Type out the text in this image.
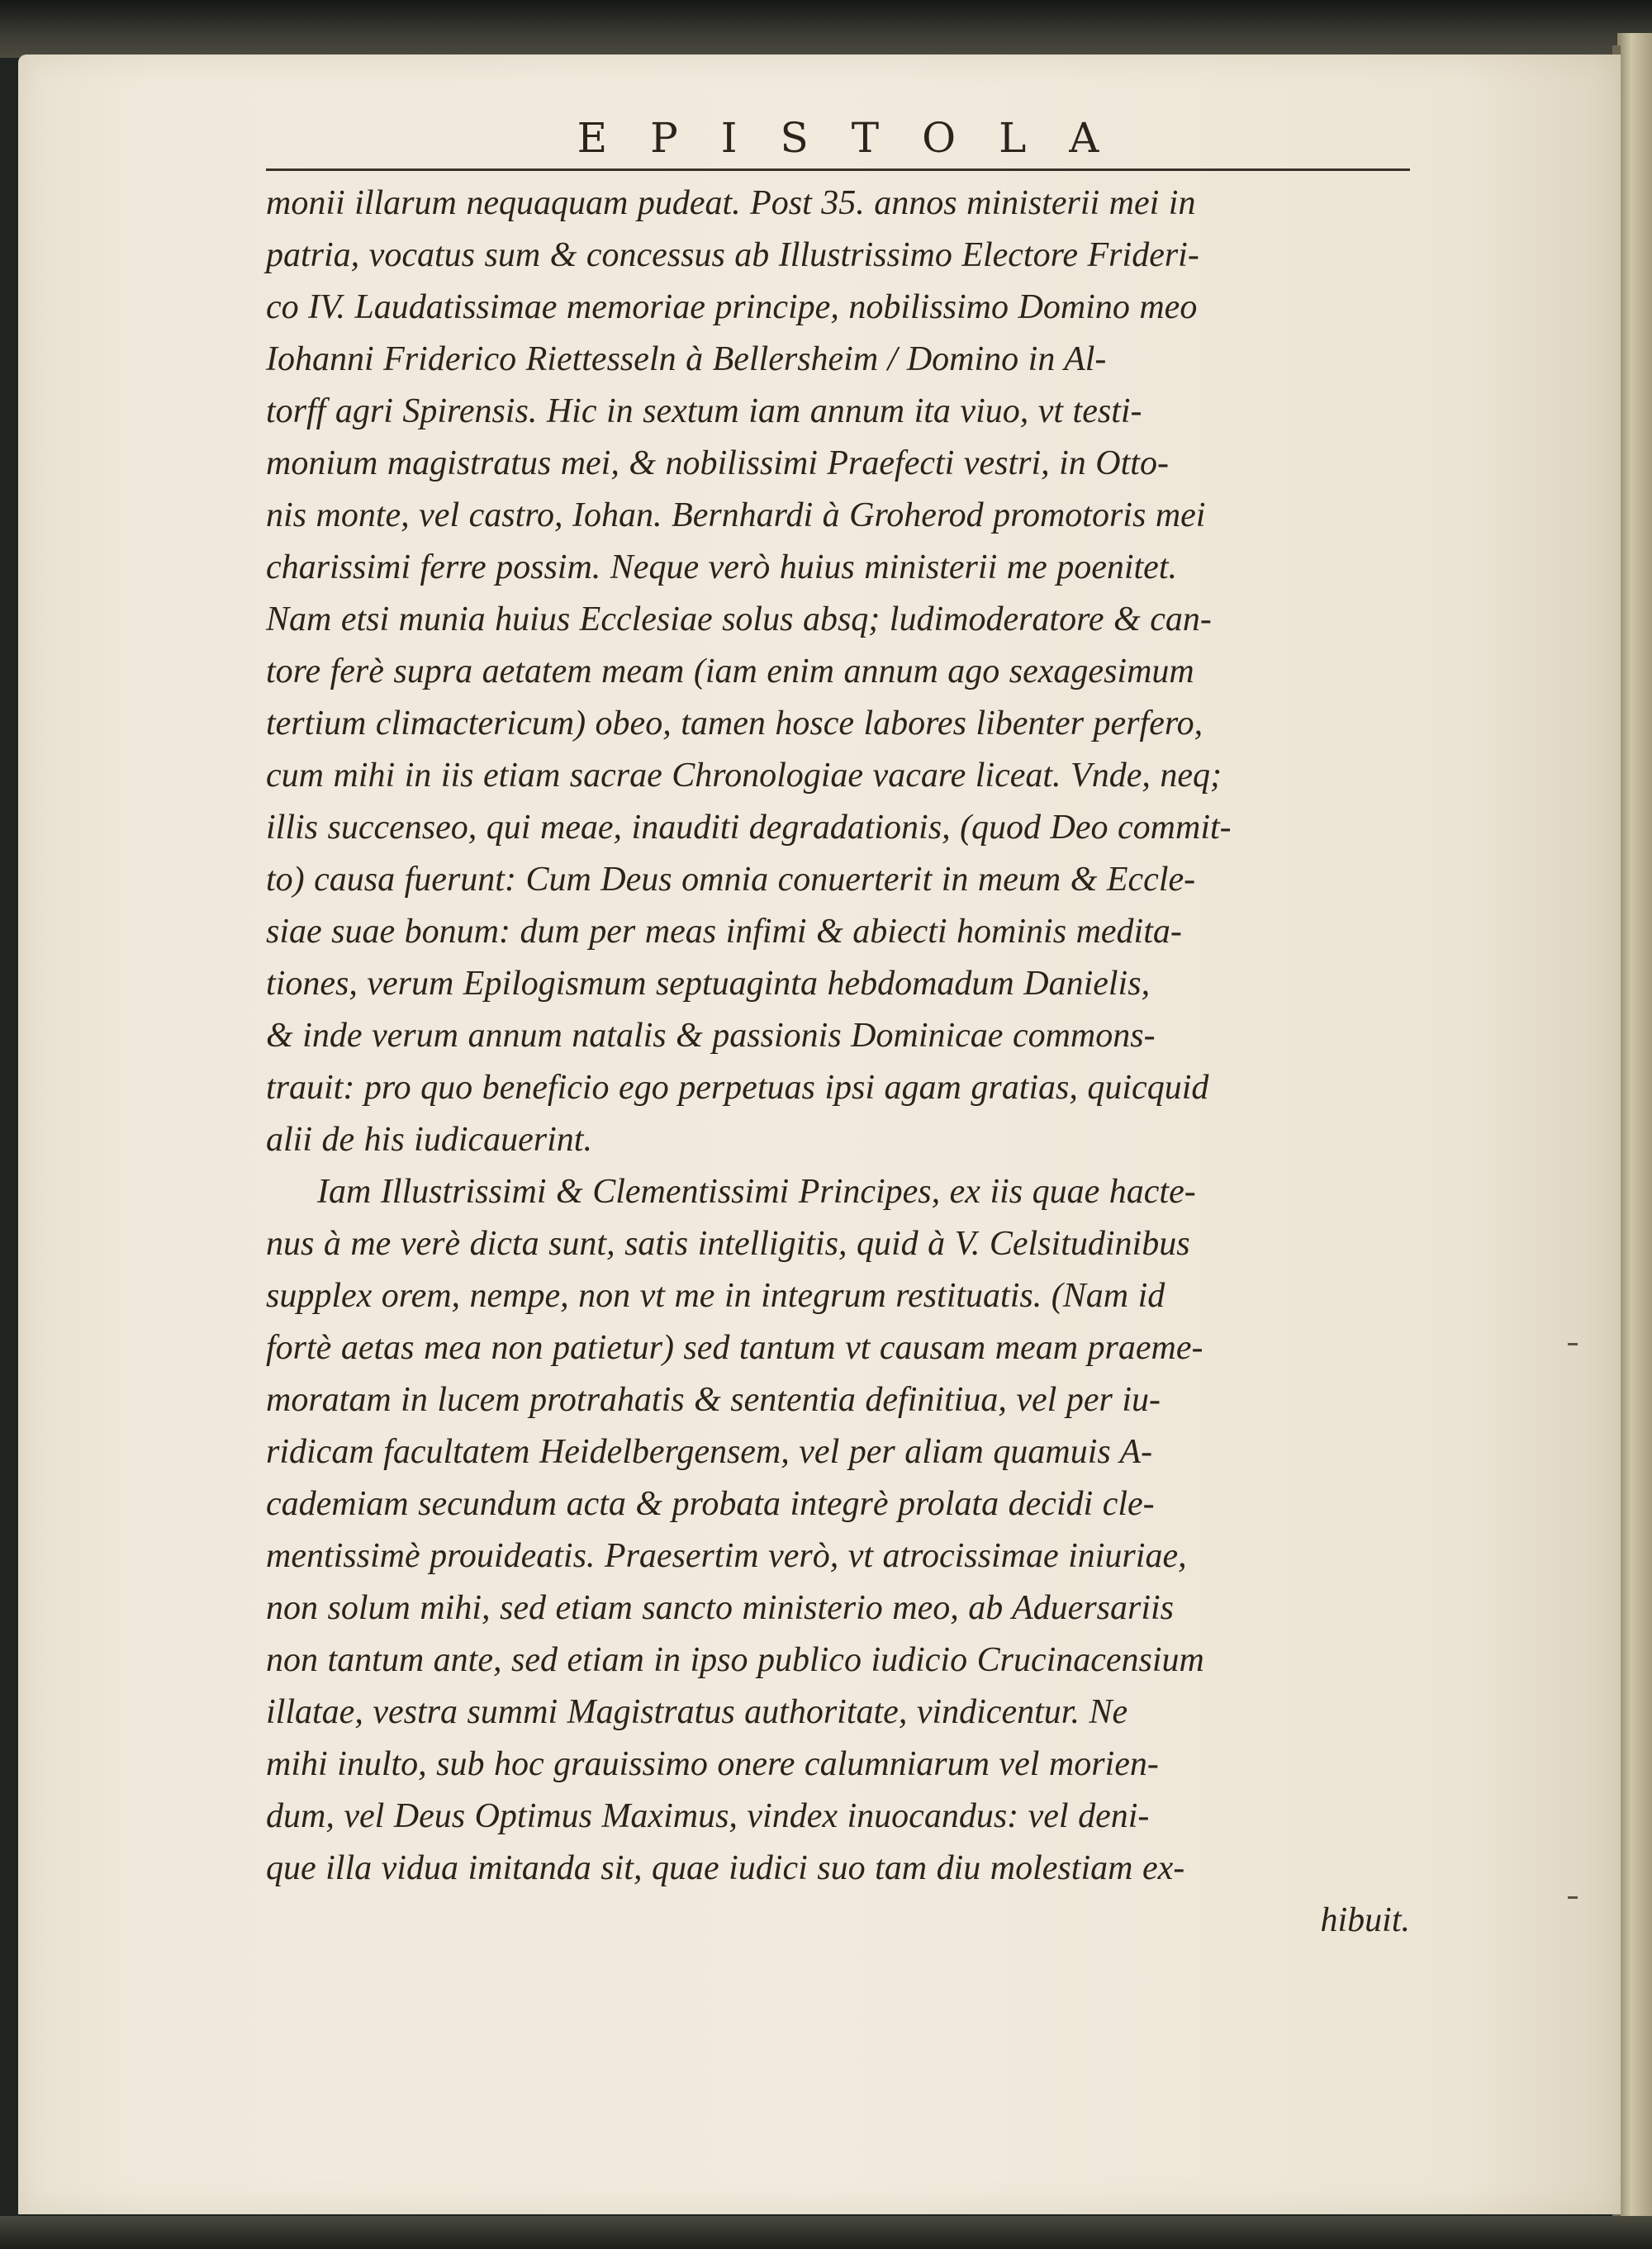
EPISTOLA
monii illarum nequaquam pudeat. Post 35. annos ministerii mei in
patria, vocatus sum & concessus ab Illustrissimo Electore Frideri-
co IV. Laudatissimae memoriae principe, nobilissimo Domino meo
Iohanni Friderico Riettesseln à Bellersheim / Domino in Al-
torff agri Spirensis. Hic in sextum iam annum ita viuo, vt testi-
monium magistratus mei, & nobilissimi Praefecti vestri, in Otto-
nis monte, vel castro, Iohan. Bernhardi à Groherod promotoris mei
charissimi ferre possim. Neque verò huius ministerii me poenitet.
Nam etsi munia huius Ecclesiae solus absq; ludimoderatore & can-
tore ferè supra aetatem meam (iam enim annum ago sexagesimum
tertium climactericum) obeo, tamen hosce labores libenter perfero,
cum mihi in iis etiam sacrae Chronologiae vacare liceat. Vnde, neq;
illis succenseo, qui meae, inauditi degradationis, (quod Deo commit-
to) causa fuerunt: Cum Deus omnia conuerterit in meum & Eccle-
siae suae bonum: dum per meas infimi & abiecti hominis medita-
tiones, verum Epilogismum septuaginta hebdomadum Danielis,
& inde verum annum natalis & passionis Dominicae commons-
trauit: pro quo beneficio ego perpetuas ipsi agam gratias, quicquid
alii de his iudicauerint.
Iam Illustrissimi & Clementissimi Principes, ex iis quae hacte-
nus à me verè dicta sunt, satis intelligitis, quid à V. Celsitudinibus
supplex orem, nempe, non vt me in integrum restituatis. (Nam id
fortè aetas mea non patietur) sed tantum vt causam meam praeme-
moratam in lucem protrahatis & sententia definitiua, vel per iu-
ridicam facultatem Heidelbergensem, vel per aliam quamuis A-
cademiam secundum acta & probata integrè prolata decidi cle-
mentissimè prouideatis. Praesertim verò, vt atrocissimae iniuriae,
non solum mihi, sed etiam sancto ministerio meo, ab Aduersariis
non tantum ante, sed etiam in ipso publico iudicio Crucinacensium
illatae, vestra summi Magistratus authoritate, vindicentur. Ne
mihi inulto, sub hoc grauissimo onere calumniarum vel morien-
dum, vel Deus Optimus Maximus, vindex inuocandus: vel deni-
que illa vidua imitanda sit, quae iudici suo tam diu molestiam ex-
hibuit.
